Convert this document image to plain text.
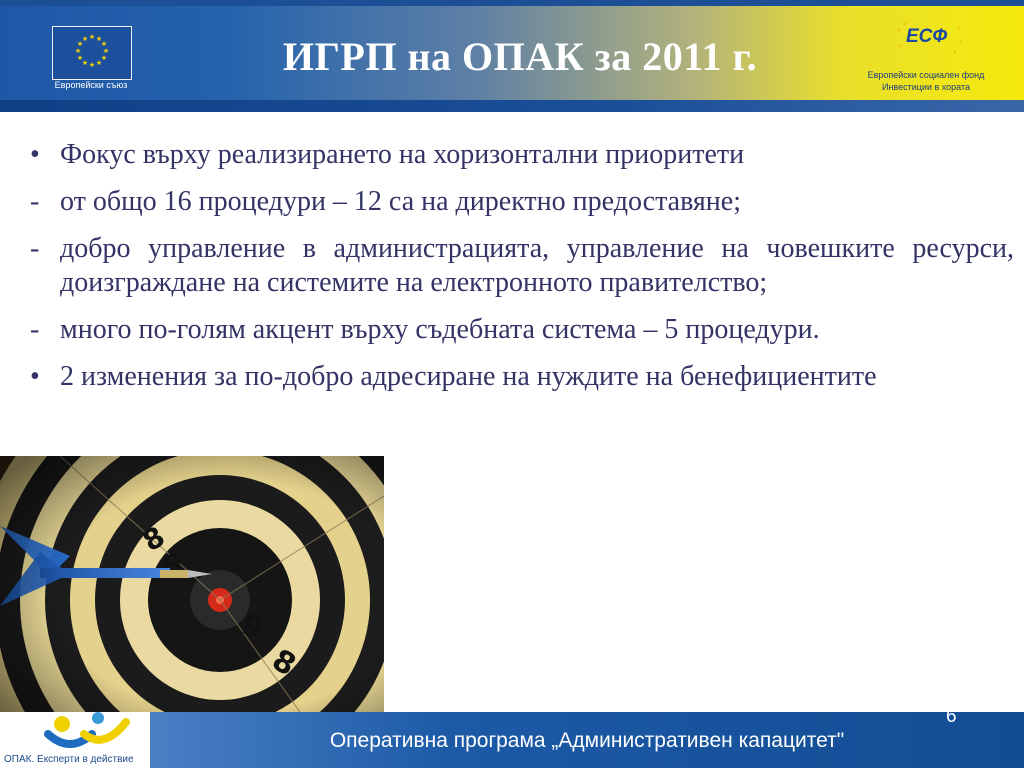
★ ★
★
★
★
★
★
★
★
★
★
★
Европейски съюз
ИГРП на ОПАК за 2011 г.
★
★
★
★
★
★
ЕСФ
Европейски социален фонд
Инвестиции в хората
• Фокус върху реализирането на хоризонтални приоритети
- от общо 16 процедури – 12 са на директно предоставяне;
- добро управление в администрацията, управление на човешките ресурси, доизграждане на системите на електронното правителство;
- много по-голям акцент върху съдебната система – 5 процедури.
• 2 изменения за по-добро адресиране на нуждите на бенефициентите
ОПАК. Експерти в действие
Оперативна програма „Административен капацитет"
6
